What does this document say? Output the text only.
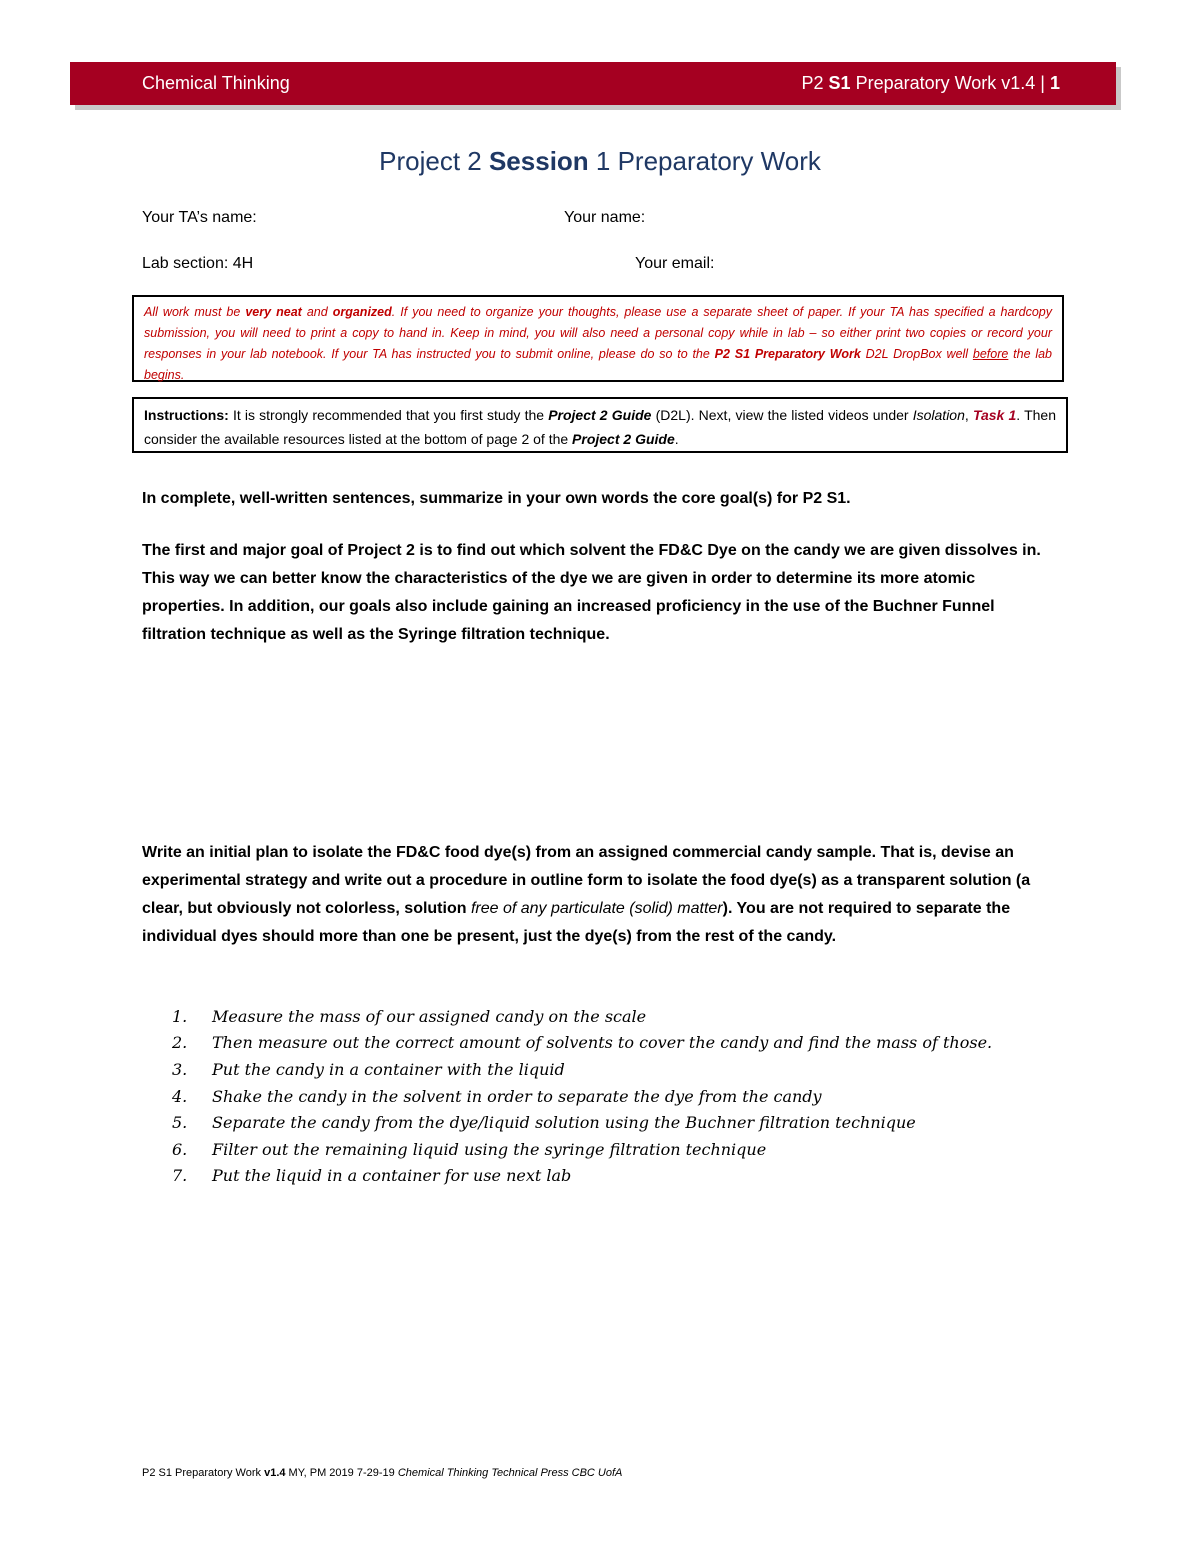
Chemical Thinking	P2 S1 Preparatory Work v1.4 | 1
Project 2 Session 1 Preparatory Work
Your TA’s name:	Your name:
Lab section: 4H	Your email:
All work must be very neat and organized. If you need to organize your thoughts, please use a separate sheet of paper. If your TA has specified a hardcopy submission, you will need to print a copy to hand in. Keep in mind, you will also need a personal copy while in lab – so either print two copies or record your responses in your lab notebook. If your TA has instructed you to submit online, please do so to the P2 S1 Preparatory Work D2L DropBox well before the lab begins.
Instructions: It is strongly recommended that you first study the Project 2 Guide (D2L). Next, view the listed videos under Isolation, Task 1. Then consider the available resources listed at the bottom of page 2 of the Project 2 Guide.
In complete, well-written sentences, summarize in your own words the core goal(s) for P2 S1.
The first and major goal of Project 2 is to find out which solvent the FD&C Dye on the candy we are given dissolves in. This way we can better know the characteristics of the dye we are given in order to determine its more atomic properties. In addition, our goals also include gaining an increased proficiency in the use of the Buchner Funnel filtration technique as well as the Syringe filtration technique.
Write an initial plan to isolate the FD&C food dye(s) from an assigned commercial candy sample. That is, devise an experimental strategy and write out a procedure in outline form to isolate the food dye(s) as a transparent solution (a clear, but obviously not colorless, solution free of any particulate (solid) matter). You are not required to separate the individual dyes should more than one be present, just the dye(s) from the rest of the candy.
1.	Measure the mass of our assigned candy on the scale
2.	Then measure out the correct amount of solvents to cover the candy and find the mass of those.
3.	Put the candy in a container with the liquid
4.	Shake the candy in the solvent in order to separate the dye from the candy
5.	Separate the candy from the dye/liquid solution using the Buchner filtration technique
6.	Filter out the remaining liquid using the syringe filtration technique
7.	Put the liquid in a container for use next lab
P2 S1 Preparatory Work v1.4 MY, PM 2019 7-29-19 Chemical Thinking Technical Press CBC UofA
